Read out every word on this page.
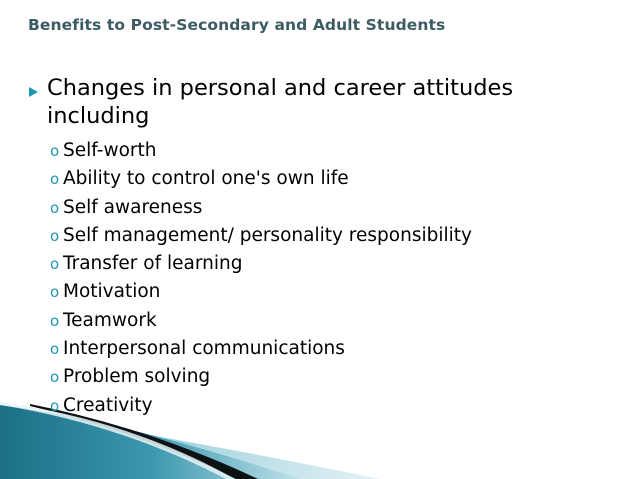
Benefits to Post-Secondary and Adult Students
Changes in personal and career attitudes including
o Self-worth
o Ability to control one's own life
o Self awareness
o Self management/ personality responsibility
o Transfer of learning
o Motivation
o Teamwork
o Interpersonal communications
o Problem solving
o Creativity
